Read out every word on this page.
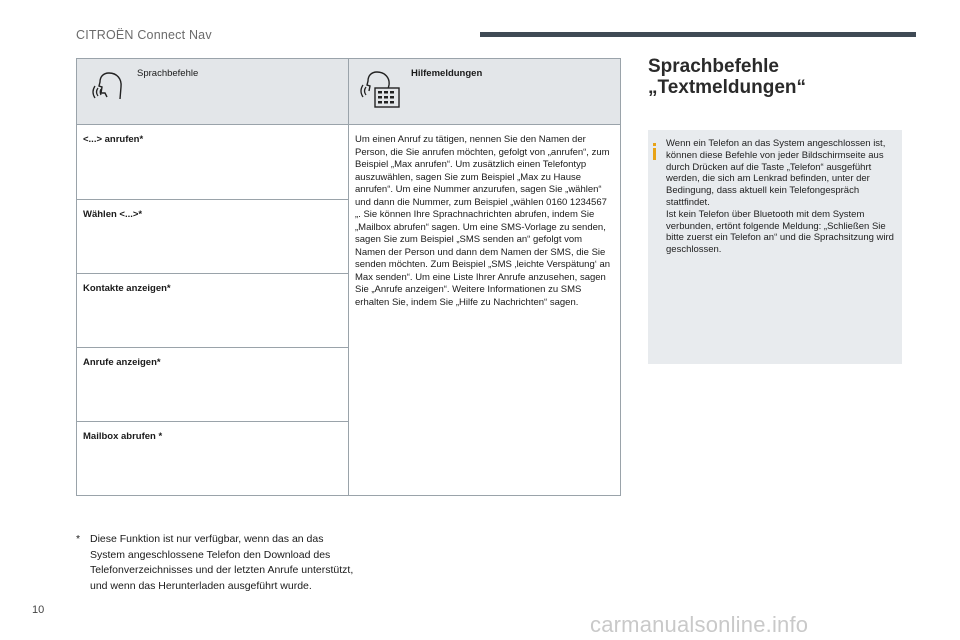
CITROËN Connect Nav
Sprachbefehle	Hilfemeldungen

<...> anrufen*	Um einen Anruf zu tätigen, nennen Sie den Namen der Person, die Sie anrufen möchten, gefolgt von „anrufen“, zum Beispiel „Max anrufen“. Um zusätzlich einen Telefontyp auszuwählen, sagen Sie zum Beispiel „Max zu Hause anrufen“. Um eine Nummer anzurufen, sagen Sie „wählen“ und dann die Nummer, zum Beispiel „wählen 0160 1234567 „. Sie können Ihre Sprachnachrichten abrufen, indem Sie „Mailbox abrufen“ sagen. Um eine SMS-Vorlage zu senden, sagen Sie zum Beispiel „SMS senden an“ gefolgt vom Namen der Person und dann dem Namen der SMS, die Sie senden möchten. Zum Beispiel „SMS ‚leichte Verspätung‘ an Max senden“. Um eine Liste Ihrer Anrufe anzusehen, sagen Sie „Anrufe anzeigen“. Weitere Informationen zu SMS erhalten Sie, indem Sie „Hilfe zu Nachrichten“ sagen.

Wählen <...>*	

Kontakte anzeigen*	

Anrufe anzeigen*	

Mailbox abrufen *	
* Diese Funktion ist nur verfügbar, wenn das an das System angeschlossene Telefon den Download des Telefonverzeichnisses und der letzten Anrufe unterstützt, und wenn das Herunterladen ausgeführt wurde.
10
Sprachbefehle
„Textmeldungen“

Wenn ein Telefon an das System angeschlossen ist, können diese Befehle von jeder Bildschirmseite aus durch Drücken auf die Taste „Telefon“ ausgeführt werden, die sich am Lenkrad befinden, unter der Bedingung, dass aktuell kein Telefongespräch stattfindet.

Ist kein Telefon über Bluetooth mit dem System verbunden, ertönt folgende Meldung: „Schließen Sie bitte zuerst ein Telefon an“ und die Sprachsitzung wird geschlossen.

carmanualsonline.info
